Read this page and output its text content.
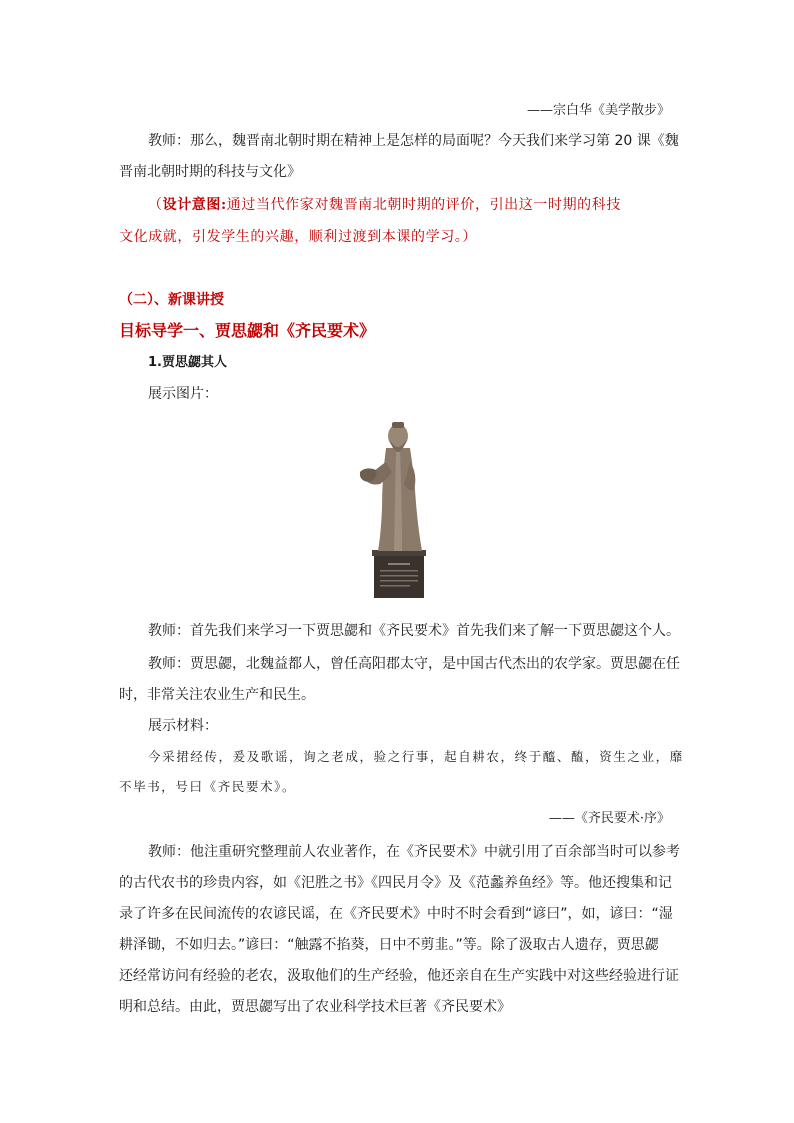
——宗白华《美学散步》
教师：那么，魏晋南北朝时期在精神上是怎样的局面呢？今天我们来学习第 20 课《魏
晋南北朝时期的科技与文化》
（设计意图:通过当代作家对魏晋南北朝时期的评价，引出这一时期的科技
文化成就，引发学生的兴趣，顺利过渡到本课的学习。）
（二）、新课讲授
目标导学一、贾思勰和《齐民要术》
1.贾思勰其人
展示图片：
教师：首先我们来学习一下贾思勰和《齐民要术》首先我们来了解一下贾思勰这个人。
教师：贾思勰，北魏益都人，曾任高阳郡太守，是中国古代杰出的农学家。贾思勰在任
时，非常关注农业生产和民生。
展示材料：
今采捃经传，爰及歌谣，询之老成，验之行事，起自耕农，终于醯、醢，资生之业，靡
不毕书，号曰《齐民要术》。
——《齐民要术·序》
教师：他注重研究整理前人农业著作，在《齐民要术》中就引用了百余部当时可以参考
的古代农书的珍贵内容，如《汜胜之书》《四民月令》及《范蠡养鱼经》等。他还搜集和记
录了许多在民间流传的农谚民谣，在《齐民要术》中时不时会看到“谚曰”，如，谚曰：“湿
耕泽锄，不如归去。”谚曰：“触露不掐葵，日中不剪韭。”等。除了汲取古人遗存，贾思勰
还经常访问有经验的老农，汲取他们的生产经验，他还亲自在生产实践中对这些经验进行证
明和总结。由此，贾思勰写出了农业科学技术巨著《齐民要术》
